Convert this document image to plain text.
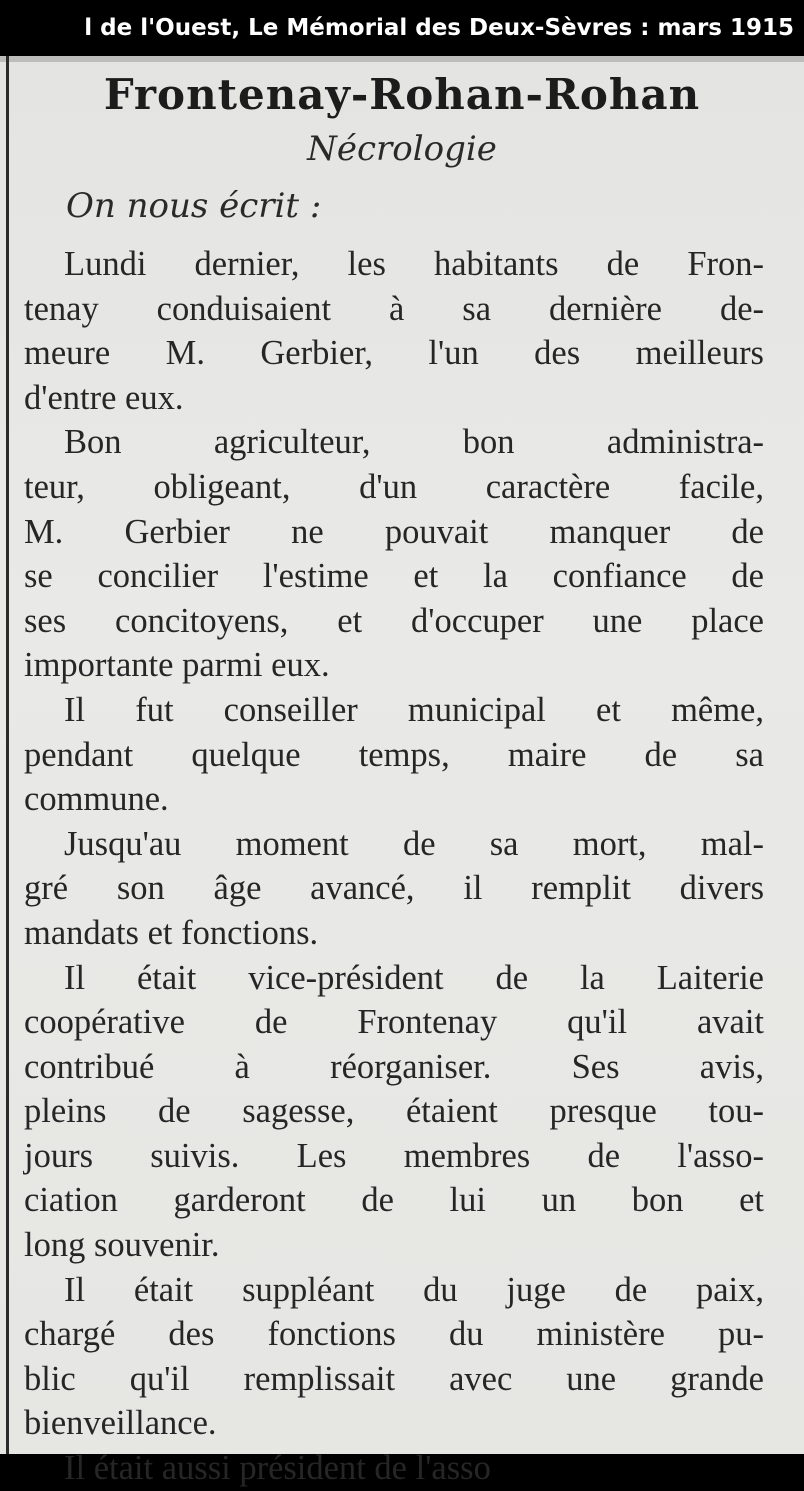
l de l'Ouest, Le Mémorial des Deux-Sèvres : mars 1915
Frontenay-Rohan-Rohan
Nécrologie
On nous écrit :
Lundi dernier, les habitants de Fron-
tenay conduisaient à sa dernière de-
meure M. Gerbier, l'un des meilleurs
d'entre eux.
Bon agriculteur, bon administra-
teur, obligeant, d'un caractère facile,
M. Gerbier ne pouvait manquer de
se concilier l'estime et la confiance de
ses concitoyens, et d'occuper une place
importante parmi eux.
Il fut conseiller municipal et même,
pendant quelque temps, maire de sa
commune.
Jusqu'au moment de sa mort, mal-
gré son âge avancé, il remplit divers
mandats et fonctions.
Il était vice-président de la Laiterie
coopérative de Frontenay qu'il avait
contribué à réorganiser. Ses avis,
pleins de sagesse, étaient presque tou-
jours suivis. Les membres de l'asso-
ciation garderont de lui un bon et
long souvenir.
Il était suppléant du juge de paix,
chargé des fonctions du ministère pu-
blic qu'il remplissait avec une grande
bienveillance.
Il était aussi président de l'asso
